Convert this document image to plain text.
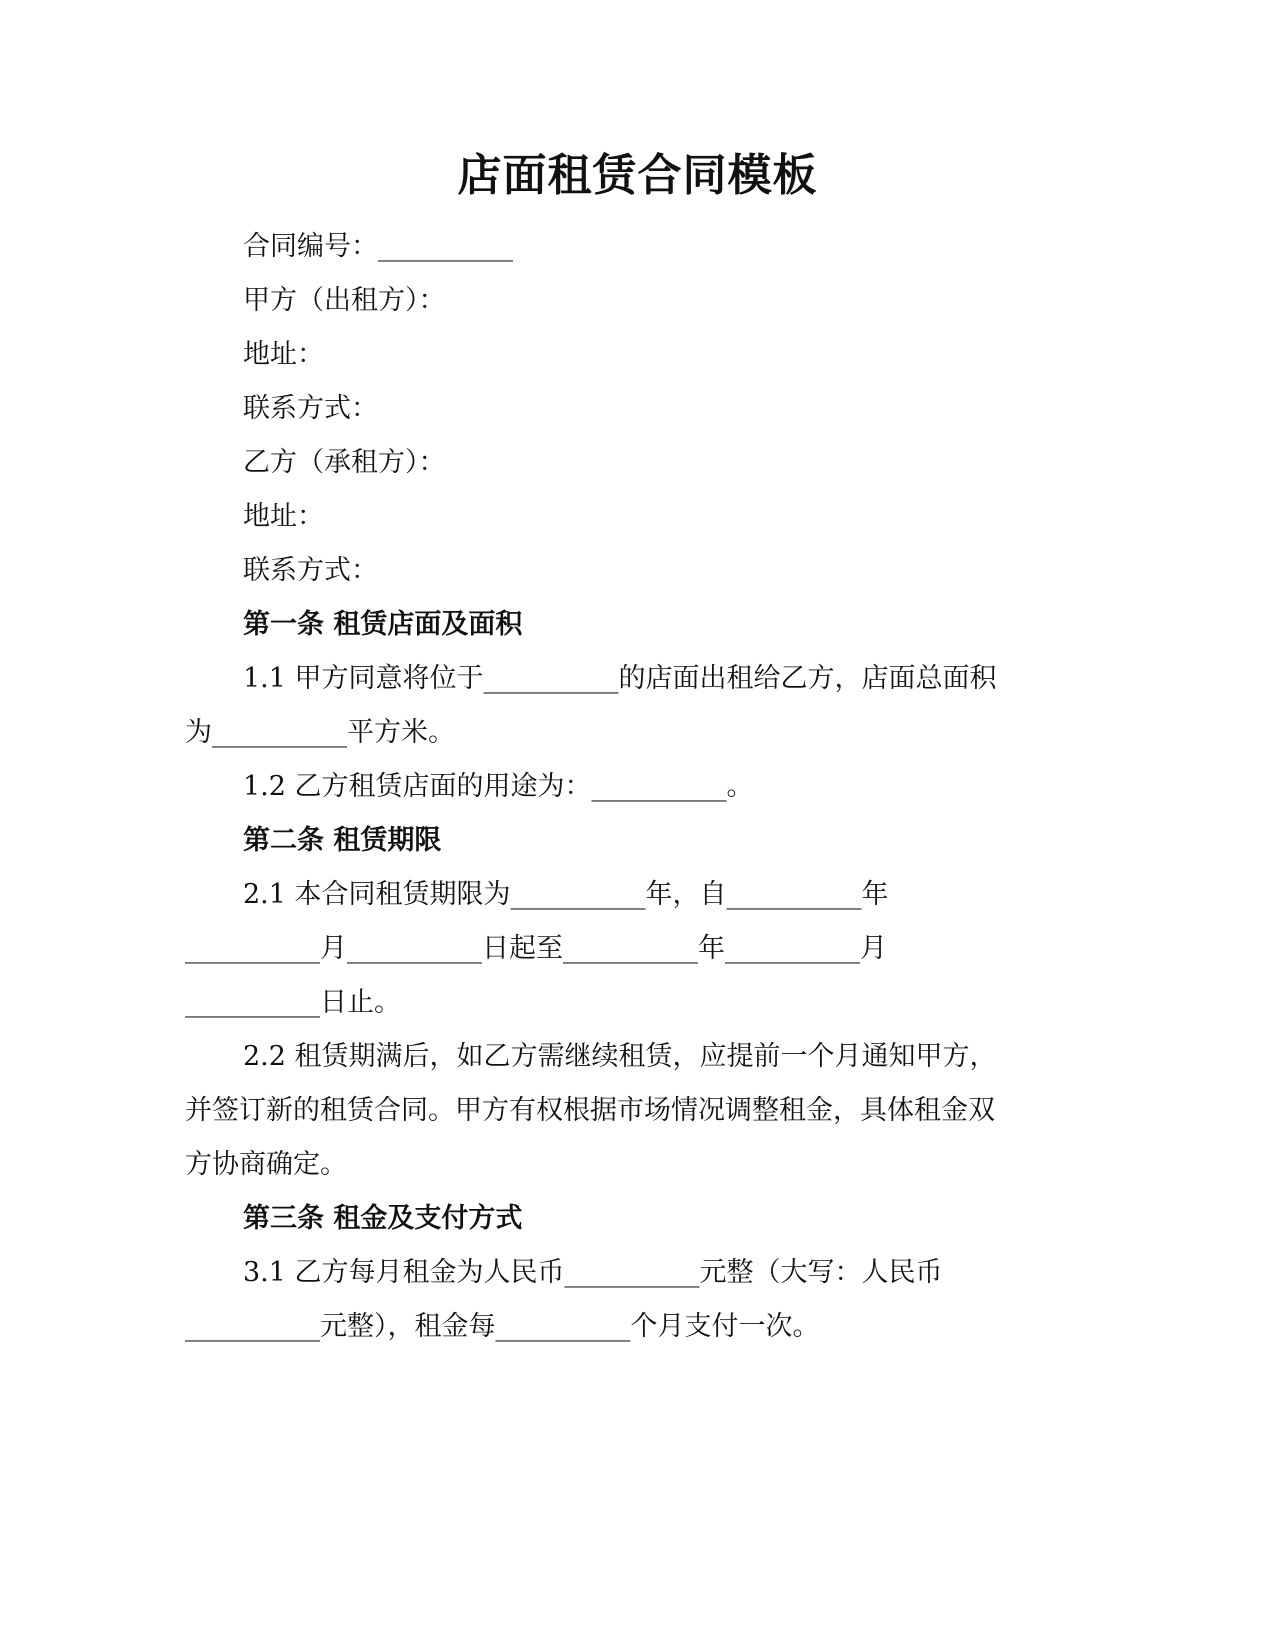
店面租赁合同模板
合同编号：__________
甲方（出租方）：
地址：
联系方式：
乙方（承租方）：
地址：
联系方式：
第一条 租赁店面及面积
1.1 甲方同意将位于__________的店面出租给乙方，店面总面积
为__________平方米。
1.2 乙方租赁店面的用途为：__________。
第二条 租赁期限
2.1 本合同租赁期限为__________年，自__________年
__________月__________日起至__________年__________月
__________日止。
2.2 租赁期满后，如乙方需继续租赁，应提前一个月通知甲方，
并签订新的租赁合同。甲方有权根据市场情况调整租金，具体租金双
方协商确定。
第三条 租金及支付方式
3.1 乙方每月租金为人民币__________元整（大写：人民币
__________元整），租金每__________个月支付一次。
